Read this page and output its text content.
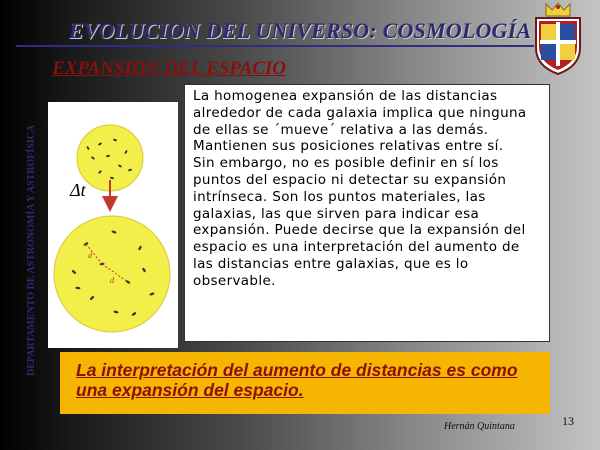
EVOLUCION DEL UNIVERSO: COSMOLOGÍA
EXPANSION DEL ESPACIO
DEPARTAMENTO DE ASTRONOMÍA Y ASTROFÍSICA	d
d
Δt

La homogenea expansión de las distancias alrededor de cada galaxia implica que ninguna de ellas se ´mueve´ relativa a las demás. Mantienen sus posiciones relativas entre sí.

Sin embargo, no es posible definir en sí los puntos del espacio ni detectar su expansión intrínseca. Son los puntos materiales, las galaxias, las que sirven para indicar esa expansión. Puede decirse que la expansión del espacio es una interpretación del aumento de las distancias entre galaxias, que es lo observable.

La interpretación del aumento de distancias es como una expansión del espacio.
Hernán Quintana	13
